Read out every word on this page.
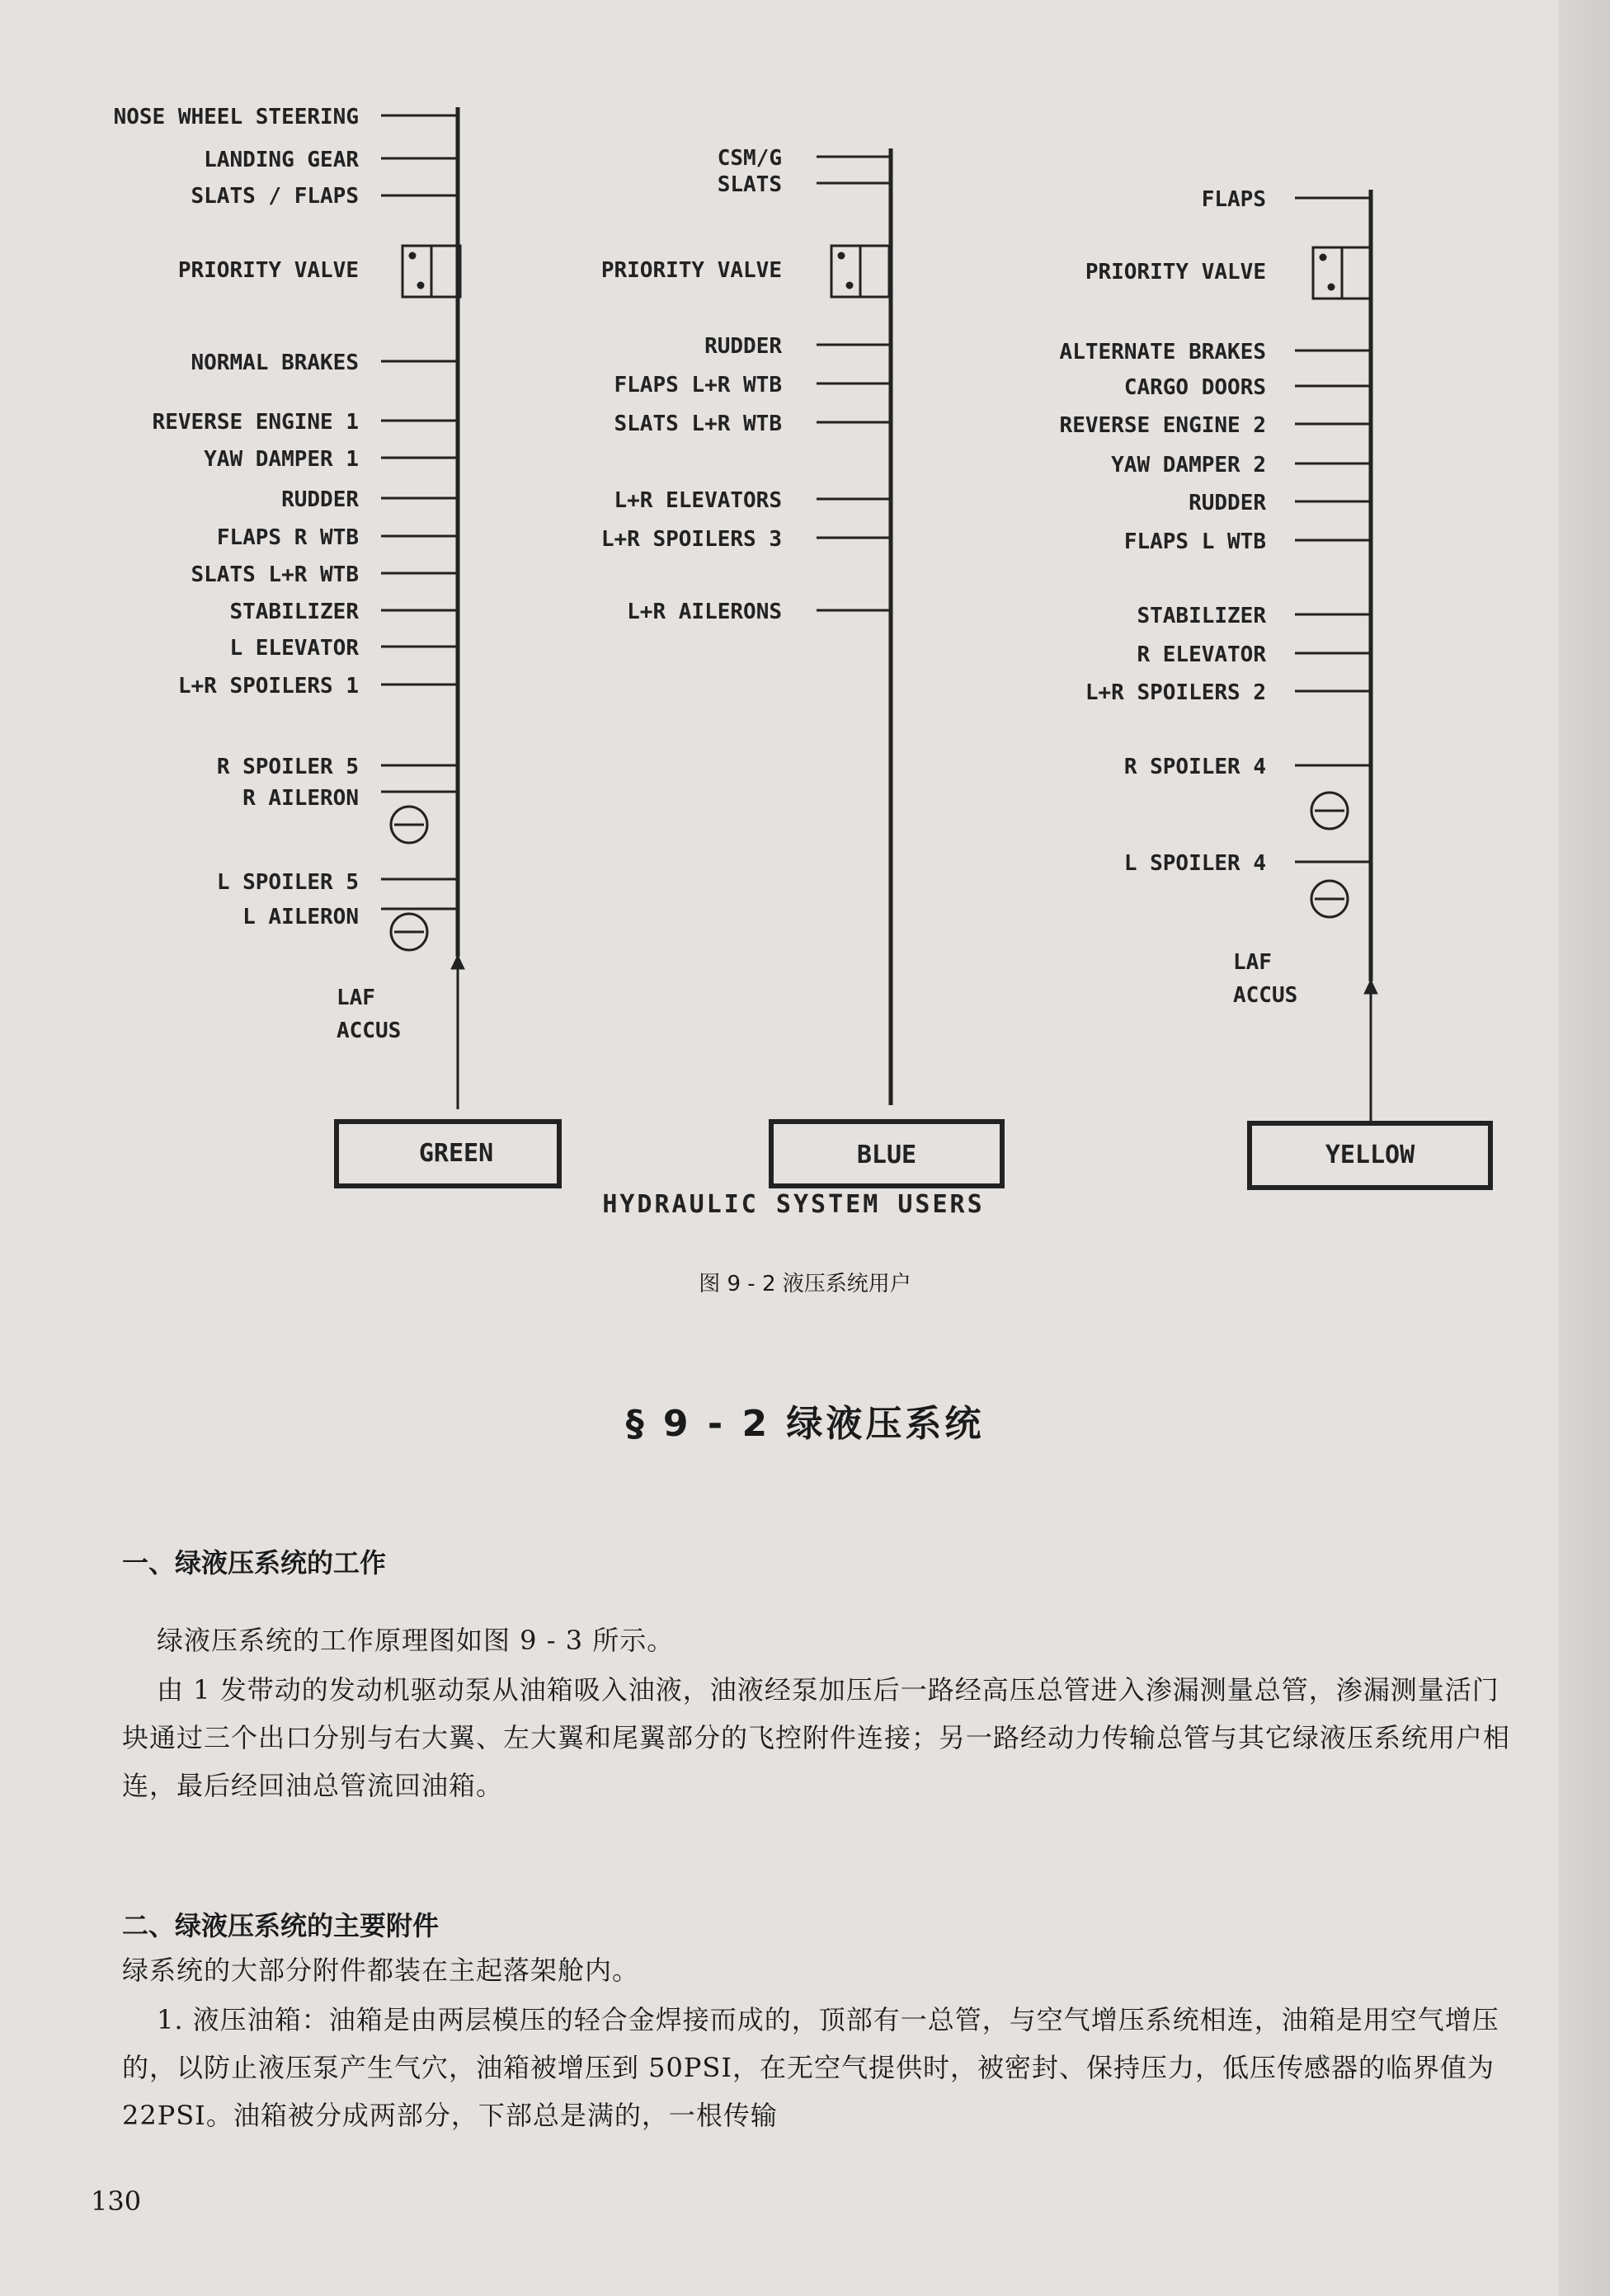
NOSE WHEEL STEERING
LANDING GEAR
SLATS / FLAPS
PRIORITY VALVE
NORMAL BRAKES
REVERSE ENGINE 1
YAW DAMPER 1
RUDDER
FLAPS R WTB
SLATS L+R WTB
STABILIZER
L ELEVATOR
L+R SPOILERS 1
R SPOILER 5
R AILERON
L SPOILER 5
L AILERON
LAF
ACCUS
GREEN
CSM/G
SLATS
PRIORITY VALVE
RUDDER
FLAPS L+R WTB
SLATS L+R WTB
L+R ELEVATORS
L+R SPOILERS 3
L+R AILERONS
BLUE
FLAPS
PRIORITY VALVE
ALTERNATE BRAKES
CARGO DOORS
REVERSE ENGINE 2
YAW DAMPER 2
RUDDER
FLAPS L WTB
STABILIZER
R ELEVATOR
L+R SPOILERS 2
R SPOILER 4
L SPOILER 4
LAF
ACCUS
YELLOW
HYDRAULIC SYSTEM USERS
图 9 - 2 液压系统用户
§ 9 - 2 绿液压系统
一、绿液压系统的工作
绿液压系统的工作原理图如图 9 - 3 所示。
由 1 发带动的发动机驱动泵从油箱吸入油液，油液经泵加压后一路经高压总管进入渗漏测量总管，渗漏测量活门块通过三个出口分别与右大翼、左大翼和尾翼部分的飞控附件连接；另一路经动力传输总管与其它绿液压系统用户相连，最后经回油总管流回油箱。
二、绿液压系统的主要附件
绿系统的大部分附件都装在主起落架舱内。
1. 液压油箱：油箱是由两层模压的轻合金焊接而成的，顶部有一总管，与空气增压系统相连，油箱是用空气增压的，以防止液压泵产生气穴，油箱被增压到 50PSI，在无空气提供时，被密封、保持压力，低压传感器的临界值为 22PSI。油箱被分成两部分，下部总是满的，一根传输
130
